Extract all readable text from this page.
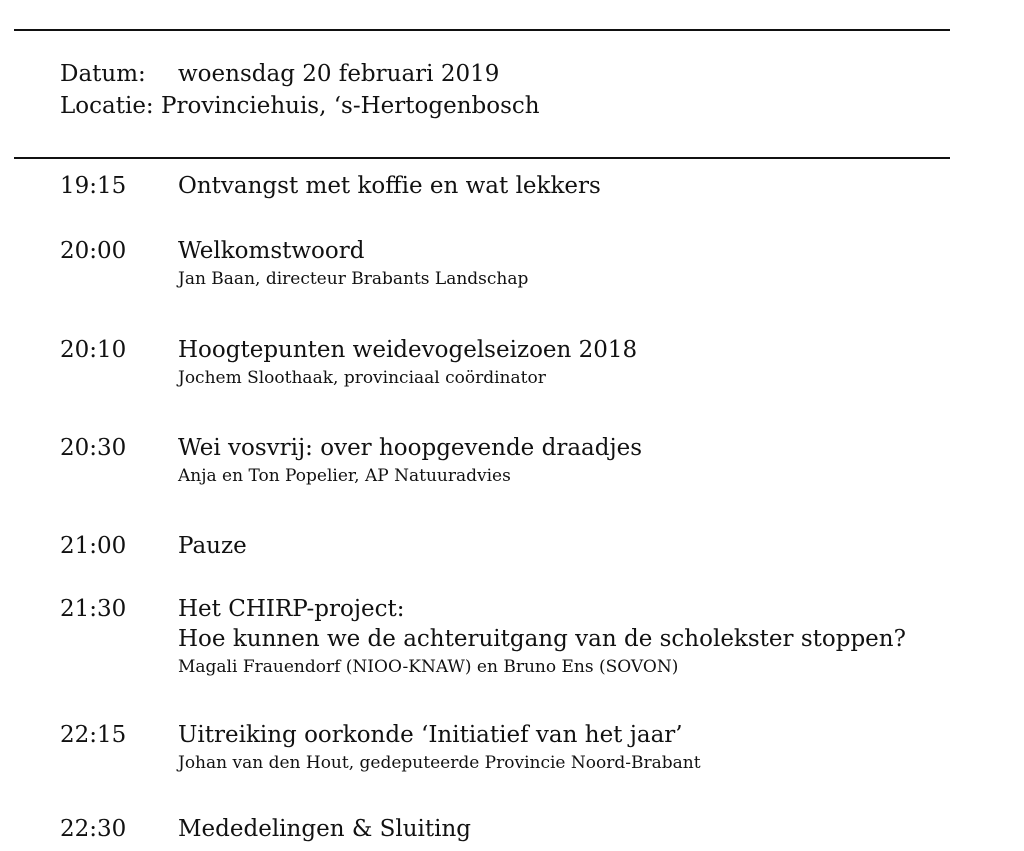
Datum: woensdag 20 februari 2019
Locatie: Provinciehuis, ‘s-Hertogenbosch
19:15	Ontvangst met koffie en wat lekkers
20:00	Welkomstwoord
Jan Baan, directeur Brabants Landschap
20:10	Hoogtepunten weidevogelseizoen 2018
Jochem Sloothaak, provinciaal coördinator
20:30	Wei vosvrij: over hoopgevende draadjes
Anja en Ton Popelier, AP Natuuradvies
21:00	Pauze
21:30	Het CHIRP-project:
Hoe kunnen we de achteruitgang van de scholekster stoppen?
Magali Frauendorf (NIOO-KNAW) en Bruno Ens (SOVON)
22:15	Uitreiking oorkonde ‘Initiatief van het jaar’
Johan van den Hout, gedeputeerde Provincie Noord-Brabant
22:30	Mededelingen & Sluiting
